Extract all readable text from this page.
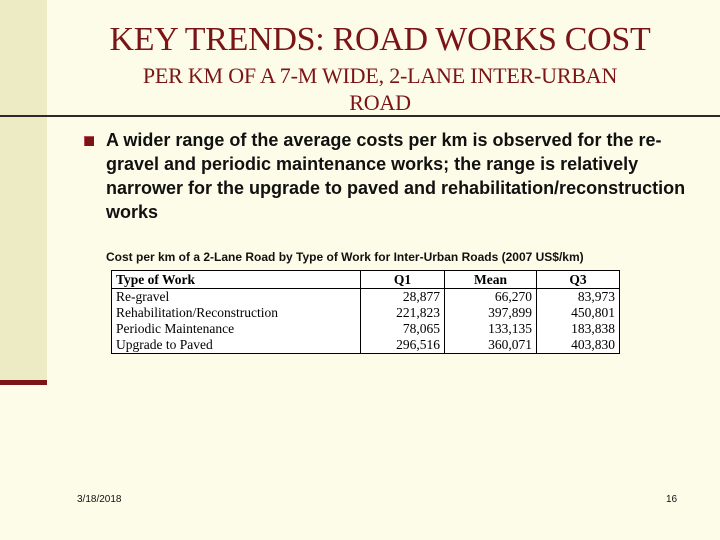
KEY TRENDS: ROAD WORKS COST
PER KM OF A 7-M WIDE, 2-LANE INTER-URBAN
ROAD
A wider range of the average costs per km is observed for the re-gravel and periodic maintenance works; the range is relatively narrower for the upgrade to paved and rehabilitation/reconstruction works
Cost per km of a 2-Lane Road by Type of Work for Inter-Urban Roads (2007 US$/km)
Type of Work	Q1	Mean	Q3
Re-gravel	28,877	66,270	83,973
Rehabilitation/Reconstruction	221,823	397,899	450,801
Periodic Maintenance	78,065	133,135	183,838
Upgrade to Paved	296,516	360,071	403,830
3/18/2018	16
